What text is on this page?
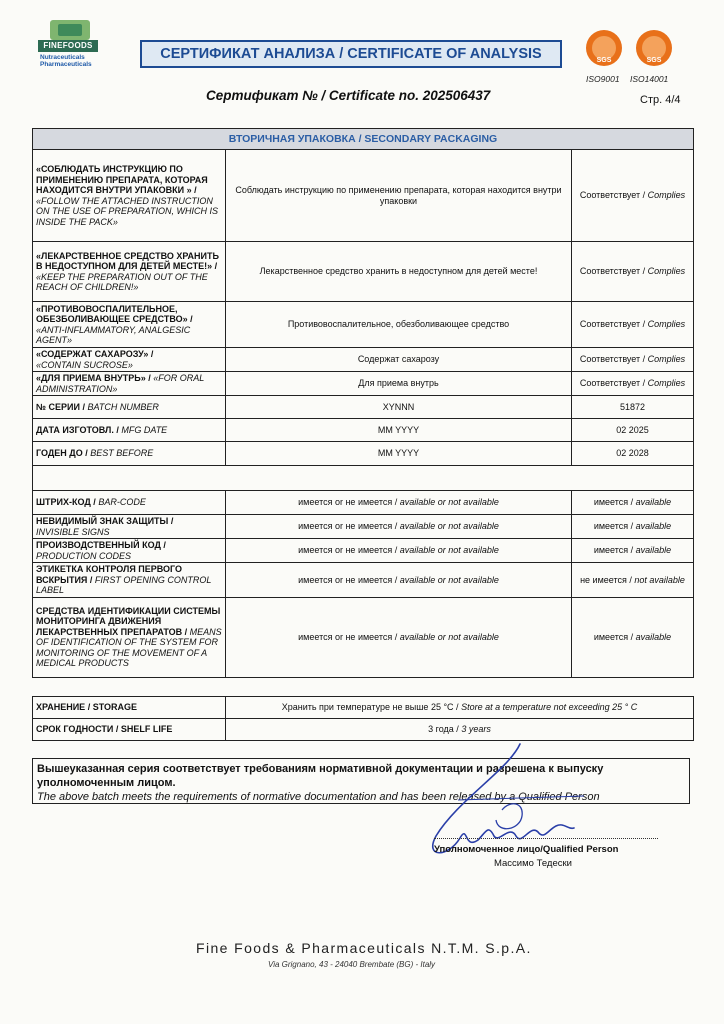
FINEFOODS
Nutraceuticals
Pharmaceuticals
СЕРТИФИКАТ АНАЛИЗА / CERTIFICATE OF ANALYSIS	SGS	SGS
ISO9001 ISO14001
Сертификат № / Certificate no. 202506437	Стр. 4/4
ВТОРИЧНАЯ УПАКОВКА / SECONDARY PACKAGING		
«СОБЛЮДАТЬ ИНСТРУКЦИЮ ПО ПРИМЕНЕНИЮ ПРЕПАРАТА, КОТОРАЯ НАХОДИТСЯ ВНУТРИ УПАКОВКИ » /
«FOLLOW THE ATTACHED INSTRUCTION ON THE USE OF PREPARATION, WHICH IS INSIDE THE PACK»	Соблюдать инструкцию по применению препарата, которая находится внутри упаковки	Соответствует / Complies
«ЛЕКАРСТВЕННОЕ СРЕДСТВО ХРАНИТЬ В НЕДОСТУПНОМ ДЛЯ ДЕТЕЙ МЕСТЕ!» / «KEEP THE PREPARATION OUT OF THE REACH OF CHILDREN!»	Лекарственное средство хранить в недоступном для детей месте!	Соответствует / Complies
«ПРОТИВОВОСПАЛИТЕЛЬНОЕ, ОБЕЗБОЛИВАЮЩЕЕ СРЕДСТВО» / «ANTI-INFLAMMATORY, ANALGESIC AGENT»	Противовоспалительное, обезболивающее средство	Соответствует / Complies
«СОДЕРЖАТ САХАРОЗУ» /
«CONTAIN SUCROSE»	Содержат сахарозу	Соответствует / Complies
«ДЛЯ ПРИЕМА ВНУТРЬ» / «FOR ORAL ADMINISTRATION»	Для приема внутрь	Соответствует / Complies
№ СЕРИИ / BATCH NUMBER	XYNNN	51872
ДАТА ИЗГОТОВЛ. / MFG DATE	MM YYYY	02 2025
ГОДЕН ДО / BEST BEFORE	MM YYYY	02 2028

ШТРИХ-КОД / BAR-CODE	имеется or не имеется / available or not available	имеется / available
НЕВИДИМЫЙ ЗНАК ЗАЩИТЫ /
INVISIBLE SIGNS	имеется or не имеется / available or not available	имеется / available
ПРОИЗВОДСТВЕННЫЙ КОД /
PRODUCTION CODES	имеется or не имеется / available or not available	имеется / available
ЭТИКЕТКА КОНТРОЛЯ ПЕРВОГО ВСКРЫТИЯ / FIRST OPENING CONTROL LABEL	имеется or не имеется / available or not available	не имеется / not available
СРЕДСТВА ИДЕНТИФИКАЦИИ СИСТЕМЫ МОНИТОРИНГА ДВИЖЕНИЯ ЛЕКАРСТВЕННЫХ ПРЕПАРАТОВ / MEANS OF IDENTIFICATION OF THE SYSTEM FOR MONITORING OF THE MOVEMENT OF A MEDICAL PRODUCTS	имеется or не имеется / available or not available	имеется / available
ХРАНЕНИЕ / STORAGE	Хранить при температуре не выше 25 °C / Store at a temperature not exceeding 25 ° C
СРОК ГОДНОСТИ / SHELF LIFE	3 года / 3 years
Вышеуказанная серия соответствует требованиям нормативной документации и разрешена к выпуску уполномоченным лицом.
The above batch meets the requirements of normative documentation and has been released by a Qualified Person
Уполномоченное лицо/Qualified Person
Массимо Тедески
Fine Foods & Pharmaceuticals N.T.M. S.p.A.
Via Grignano, 43 - 24040 Brembate (BG) - Italy
